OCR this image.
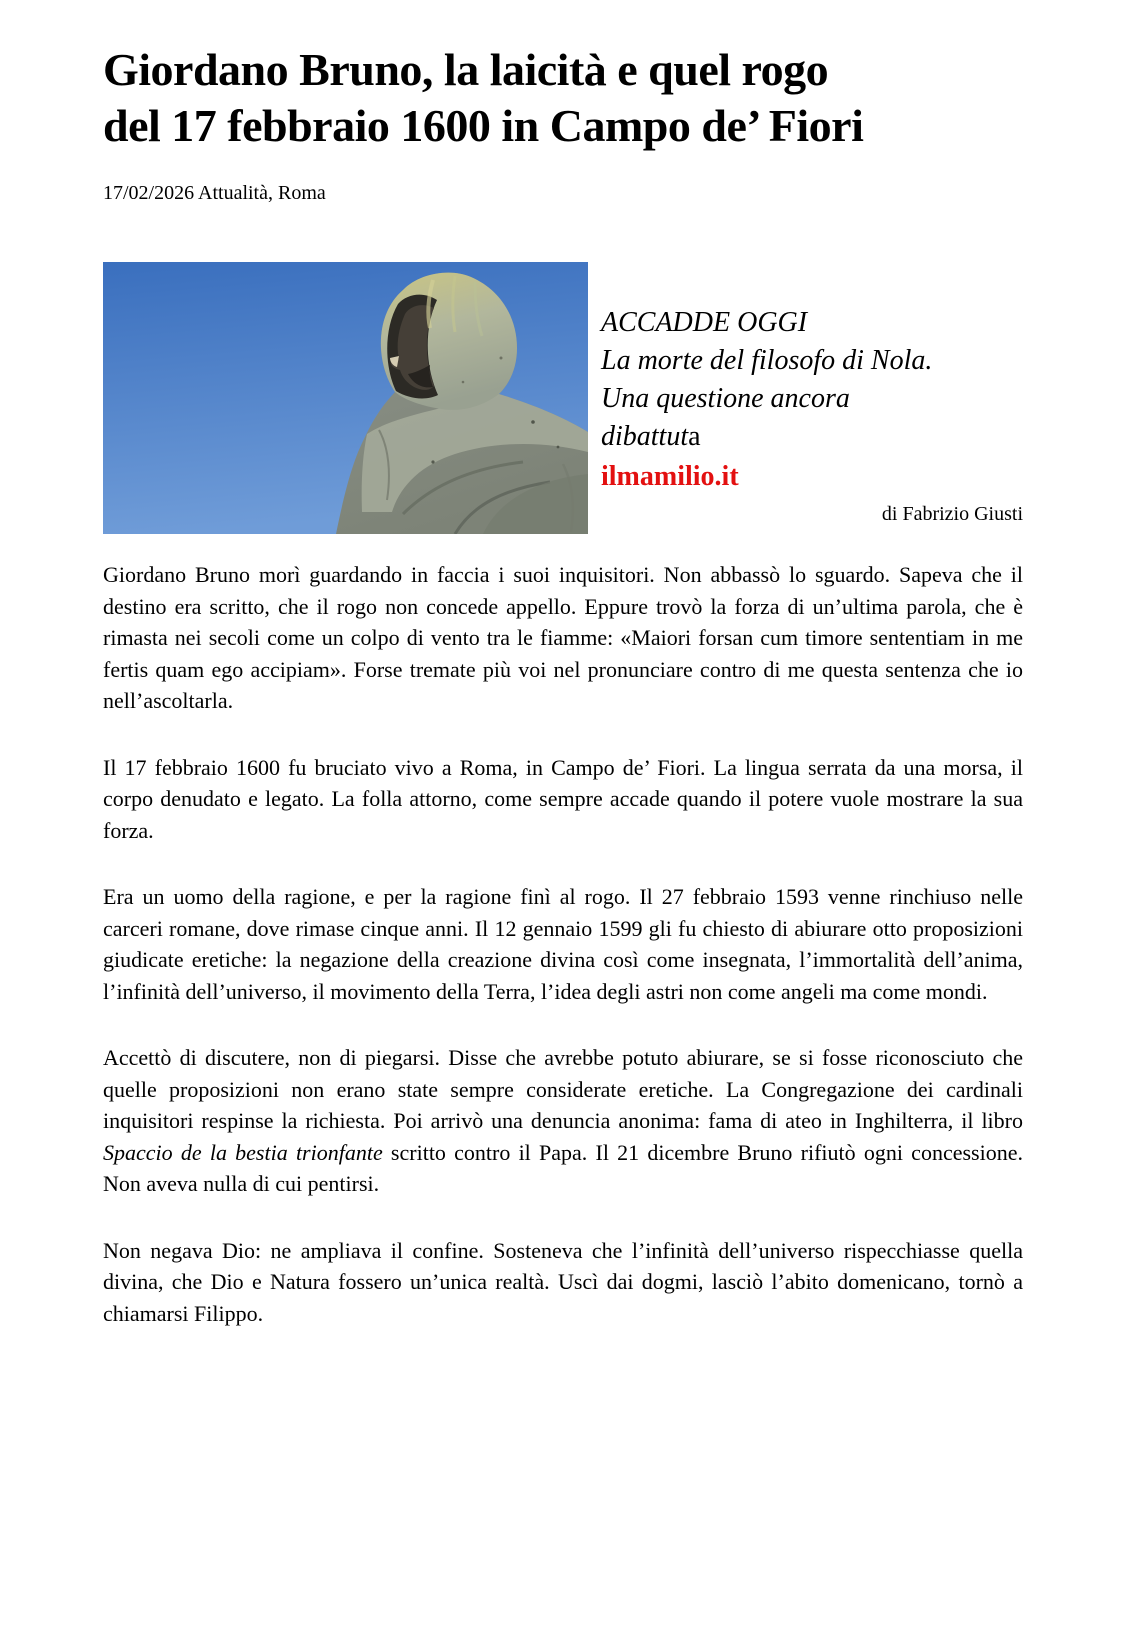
Giordano Bruno, la laicità e quel rogo
del 17 febbraio 1600 in Campo de’ Fiori
17/02/2026 Attualità, Roma
ACCADDE OGGI
La morte del filosofo di Nola.
Una questione ancora
dibattuta
ilmamilio.it
di Fabrizio Giusti

Giordano Bruno morì guardando in faccia i suoi inquisitori. Non abbassò lo sguardo. Sapeva che il destino era scritto, che il rogo non concede appello. Eppure trovò la forza di un’ultima parola, che è rimasta nei secoli come un colpo di vento tra le fiamme: «Maiori forsan cum timore sententiam in me fertis quam ego accipiam». Forse tremate più voi nel pronunciare contro di me questa sentenza che io nell’ascoltarla.

Il 17 febbraio 1600 fu bruciato vivo a Roma, in Campo de’ Fiori. La lingua serrata da una morsa, il corpo denudato e legato. La folla attorno, come sempre accade quando il potere vuole mostrare la sua forza.

Era un uomo della ragione, e per la ragione finì al rogo. Il 27 febbraio 1593 venne rinchiuso nelle carceri romane, dove rimase cinque anni. Il 12 gennaio 1599 gli fu chiesto di abiurare otto proposizioni giudicate eretiche: la negazione della creazione divina così come insegnata, l’immortalità dell’anima, l’infinità dell’universo, il movimento della Terra, l’idea degli astri non come angeli ma come mondi.

Accettò di discutere, non di piegarsi. Disse che avrebbe potuto abiurare, se si fosse riconosciuto che quelle proposizioni non erano state sempre considerate eretiche. La Congregazione dei cardinali inquisitori respinse la richiesta. Poi arrivò una denuncia anonima: fama di ateo in Inghilterra, il libro Spaccio de la bestia trionfante scritto contro il Papa. Il 21 dicembre Bruno rifiutò ogni concessione. Non aveva nulla di cui pentirsi.

Non negava Dio: ne ampliava il confine. Sosteneva che l’infinità dell’universo rispecchiasse quella divina, che Dio e Natura fossero un’unica realtà. Uscì dai dogmi, lasciò l’abito domenicano, tornò a chiamarsi Filippo.
